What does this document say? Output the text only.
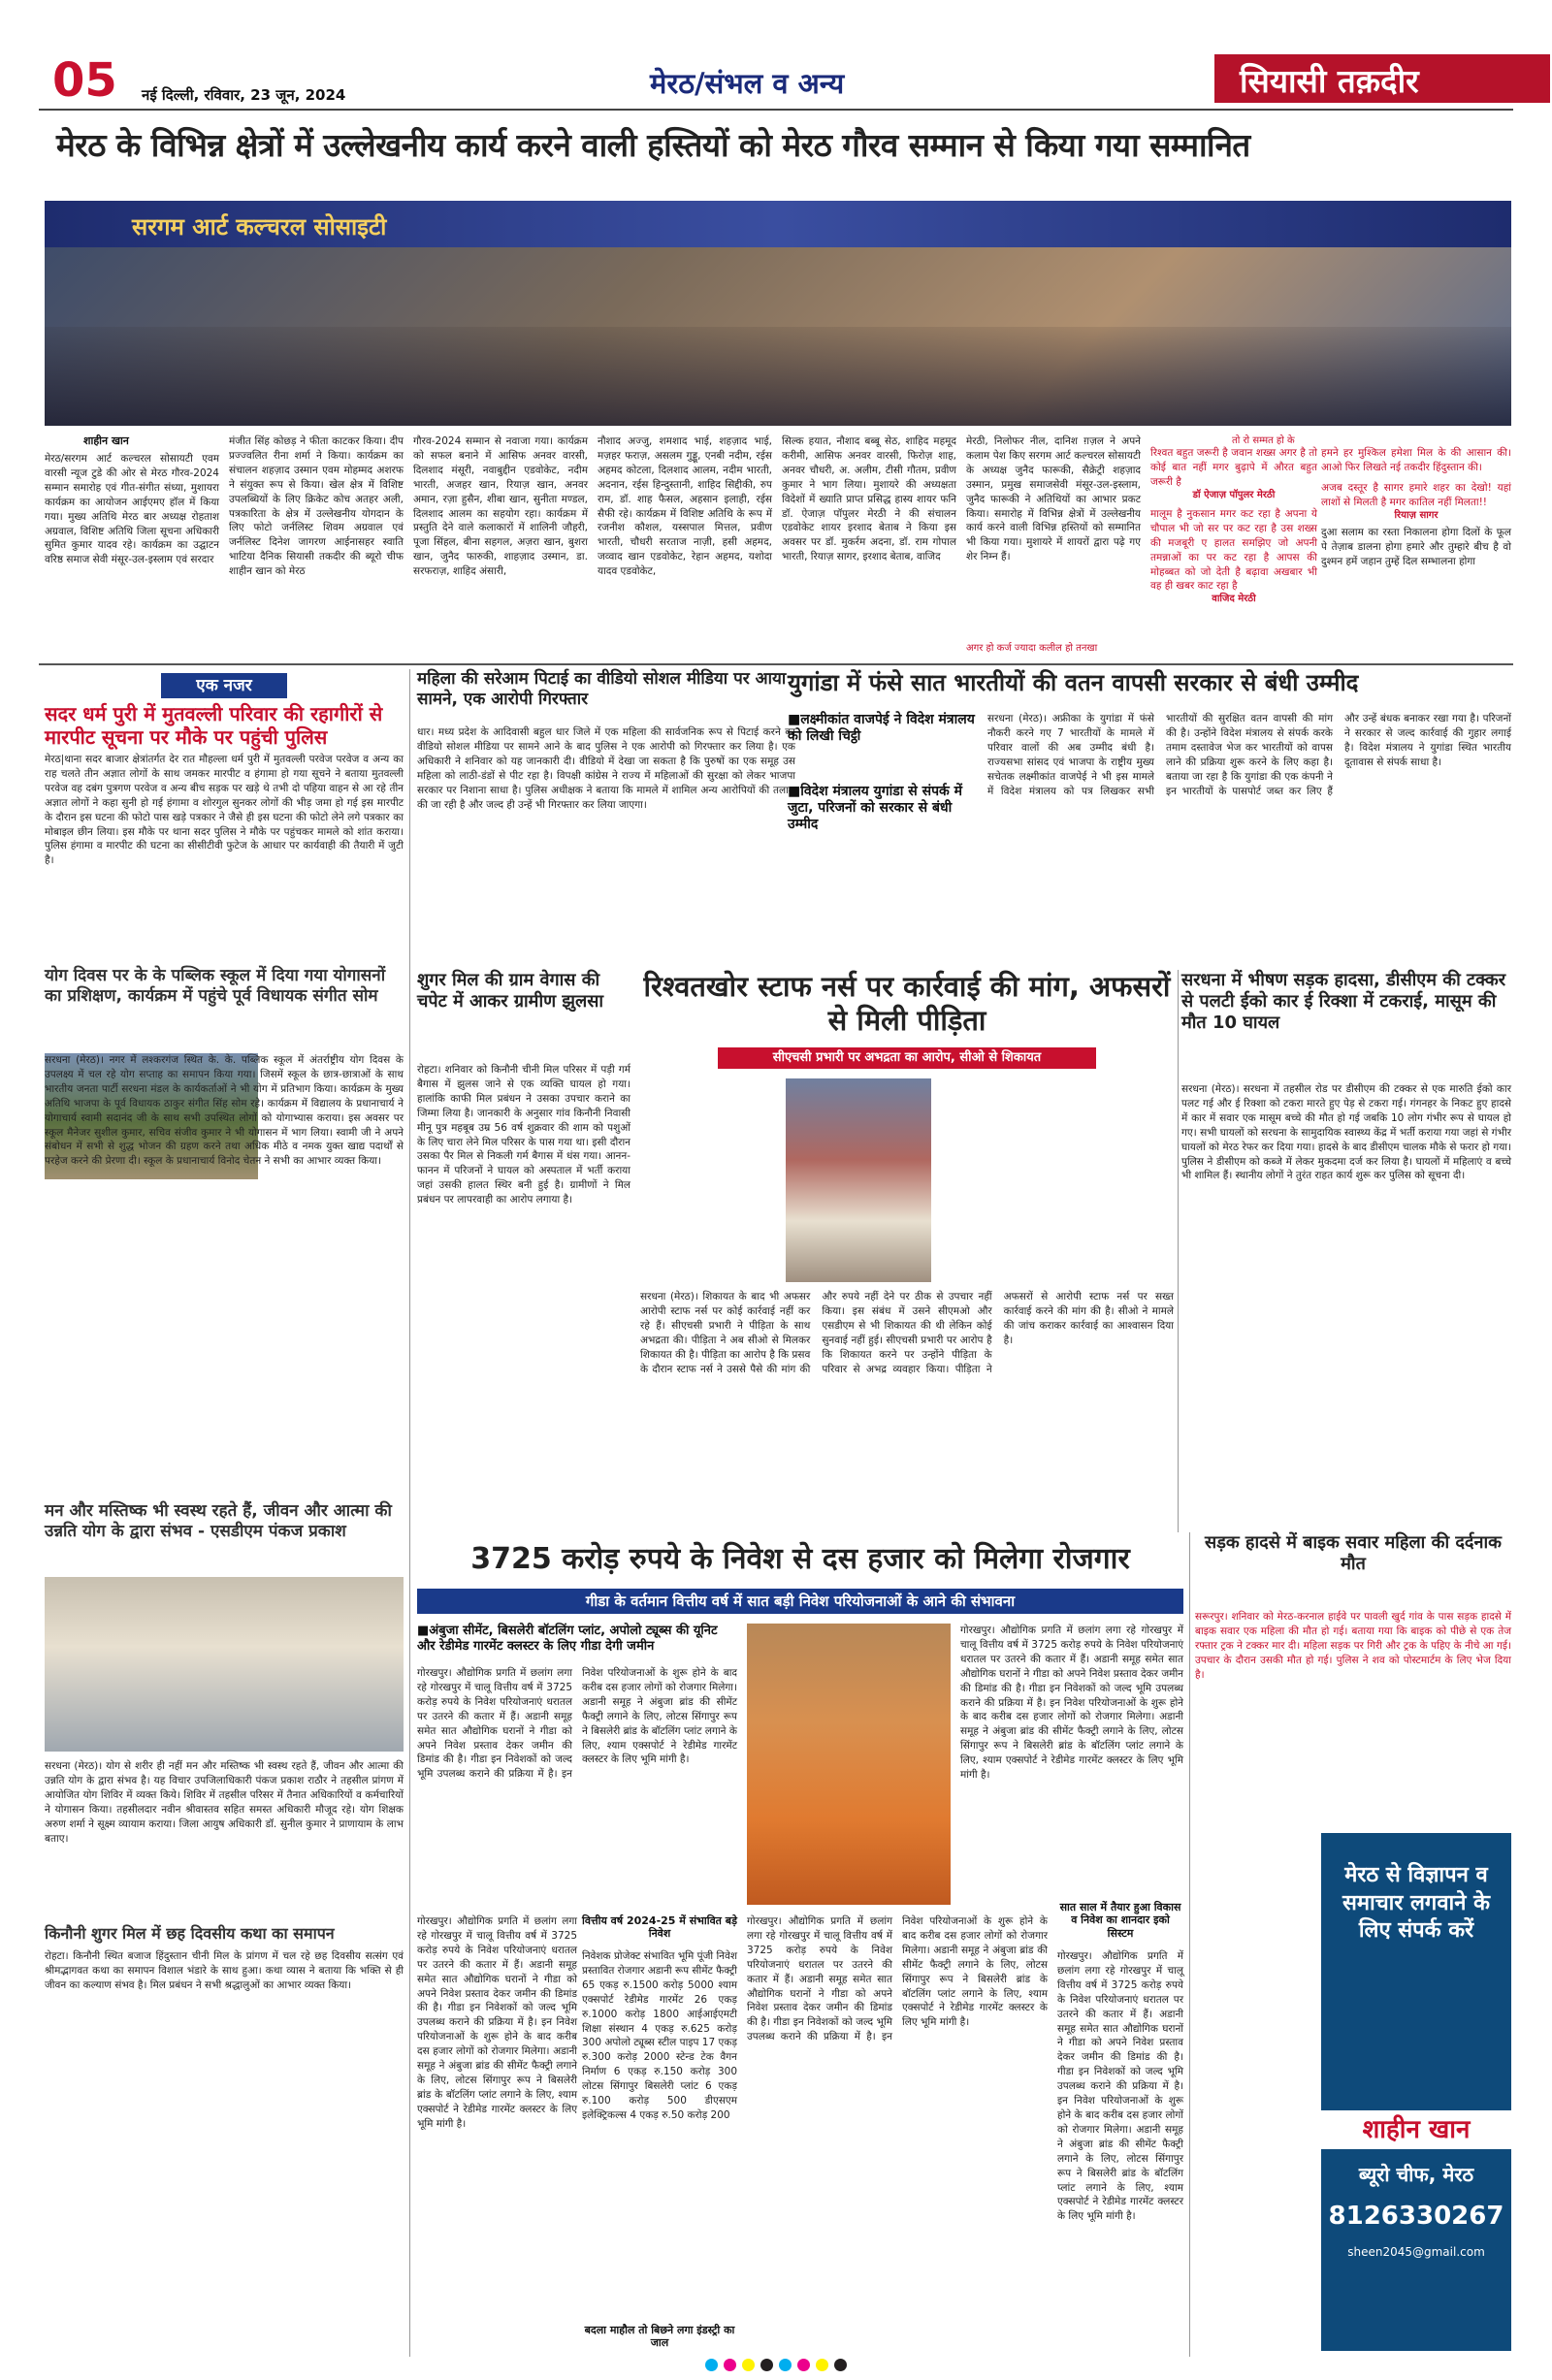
05 नई दिल्ली, रविवार, 23 जून, 2024	मेरठ/संभल व अन्य	सियासी तक़दीर
मेरठ के विभिन्न क्षेत्रों में उल्लेखनीय कार्य करने वाली हस्तियों को मेरठ गौरव सम्मान से किया गया सम्मानित
सरगम आर्ट कल्चरल सोसाइटी
शाहीन खान
मेरठ/सरगम आर्ट कल्चरल सोसायटी एवम वारसी न्यूज टुडे की ओर से मेरठ गौरव-2024 सम्मान समारोह एवं गीत-संगीत संध्या, मुशायरा कार्यक्रम का आयोजन आईएमए हॉल में किया गया। मुख्य अतिथि मेरठ बार अध्यक्ष रोहताश अग्रवाल, विशिष्ट अतिथि जिला सूचना अधिकारी सुमित कुमार यादव रहे। कार्यक्रम का उद्घाटन वरिष्ठ समाज सेवी मंसूर-उल-इस्लाम एवं सरदार
मंजीत सिंह कोछड़ ने फीता काटकर किया। दीप प्रज्ज्वलित रीना शर्मा ने किया। कार्यक्रम का संचालन शहज़ाद उस्मान एवम मोहम्मद अशरफ ने संयुक्त रूप से किया। खेल क्षेत्र में विशिष्ट उपलब्धियों के लिए क्रिकेट कोच अतहर अली, पत्रकारिता के क्षेत्र में उल्लेखनीय योगदान के लिए फोटो जर्नलिस्ट शिवम अग्रवाल एवं जर्नलिस्ट दिनेश जागरण आईनासहर स्वाति भाटिया दैनिक सियासी तकदीर की ब्यूरो चीफ शाहीन खान को मेरठ
गौरव-2024 सम्मान से नवाजा गया। कार्यक्रम को सफल बनाने में आसिफ अनवर वारसी, दिलशाद मंसूरी, नवाबुद्दीन एडवोकेट, नदीम भारती, अजहर खान, रियाज़ खान, अनवर अमान, रज़ा हुसैन, शीबा खान, सुनीता मण्डल, दिलशाद आलम का सहयोग रहा। कार्यक्रम में प्रस्तुति देने वाले कलाकारों में शालिनी जौहरी, पूजा सिंहल, बीना सहगल, अज़रा खान, बुशरा खान, जुनैद फारुकी, शाहज़ाद उस्मान, डा. सरफराज़, शाहिद अंसारी,
नौशाद अज्जु, शमशाद भाई, शहज़ाद भाई, मज़हर फराज़, असलम गुड्डू, एनबी नदीम, रईस अहमद कोटला, दिलशाद आलम, नदीम भारती, अदनान, रईस हिन्दुस्तानी, शाहिद सिद्दीकी, रुप राम, डॉ. शाह फैसल, अहसान इलाही, रईस सैफी रहे। कार्यक्रम में विशिष्ट अतिथि के रूप में रजनीश कौशल, यस्सपाल मित्तल, प्रवीण भारती, चौधरी सरताज नाज़ी, हसी अहमद, जव्वाद खान एडवोकेट, रेहान अहमद, यशोदा यादव एडवोकेट,
सिल्क हयात, नौशाद बब्बू सेठ, शाहिद महमूद करीमी, आसिफ अनवर वारसी, फिरोज़ शाह, अनवर चौधरी, अ. अलीम, टीसी गौतम, प्रवीण कुमार ने भाग लिया। मुशायरे की अध्यक्षता विदेशों में ख्याति प्राप्त प्रसिद्ध हास्य शायर फनि डॉ. ऐजाज़ पॉपुलर मेरठी ने की संचालन एडवोकेट शायर इरशाद बेताब ने किया इस अवसर पर डॉ. मुकर्रम अदना, डॉ. राम गोपाल भारती, रियाज़ सागर, इरशाद बेताब, वाजिद
मेरठी, निलोफर नील, दानिश ग़ज़ल ने अपने कलाम पेश किए सरगम आर्ट कल्चरल सोसायटी के अध्यक्ष जुनैद फारूकी, सैक्रेट्री शहज़ाद उस्मान, प्रमुख समाजसेवी मंसूर-उल-इस्लाम, जुनैद फारूकी ने अतिथियों का आभार प्रकट किया। समारोह में विभिन्न क्षेत्रों में उल्लेखनीय कार्य करने वाली विभिन्न हस्तियों को सम्मानित भी किया गया। मुशायरे में शायरों द्वारा पढ़े गए शेर निम्न हैं।
अगर हो कर्ज ज्यादा कलील हो तनखा
रिश्वत बहुत जरूरी है जवान शख्स अगर है तो कोई बात नहीं मगर बुढ़ापे में औरत बहुत जरूरी है
डॉ ऐजाज़ पॉपुलर मेरठी
मालूम है नुकसान मगर कट रहा है अपना ये चौपाल भी जो सर पर कट रहा है उस शख्स की मजबूरी ए हालत समझिए जो अपनी तमन्नाओं का पर कट रहा है आपस की मोहब्बत को जो देती है बढ़ावा अखबार भी वह ही खबर काट रहा है
वाजिद मेरठी
तो रो सम्मत हो के
हमने हर मुश्किल हमेशा मिल के की आसान की। आओ फिर लिखते नई तकदीर हिंदुस्तान की।
अजब दस्तूर है सागर हमारे शहर का देखो! यहां लाशों से मिलती है मगर कातिल नहीं मिलता!!
रियाज़ सागर
दुआ सलाम का रस्ता निकालना होगा दिलों के फूल पे तेज़ाब डालना होगा हमारे और तुम्हारे बीच है वो दुश्मन हमें जहान तुम्हें दिल सम्भालना होगा
एक नजर
सदर धर्म पुरी में मुतवल्ली परिवार की रहागीरों से मारपीट सूचना पर मौके पर पहुंची पुलिस
मेरठ|थाना सदर बाजार क्षेत्रांतर्गत देर रात मौहल्ला धर्म पुरी में मुतवल्ली परवेज परवेज व अन्य का राह चलते तीन अज्ञात लोगों के साथ जमकर मारपीट व हंगामा हो गया सूचने ने बताया मुतवल्ली परवेज वह दबंग पुत्रगण परवेज व अन्य बीच सड़क पर खड़े थे तभी दो पहिया वाहन से आ रहे तीन अज्ञात लोगों ने कहा सुनी हो गई हंगामा व शोरगुल सुनकर लोगों की भीड़ जमा हो गई इस मारपीट के दौरान इस घटना की फोटो पास खड़े पत्रकार ने जैसे ही इस घटना की फोटो लेने लगे पत्रकार का मोबाइल छीन लिया। इस मौके पर थाना सदर पुलिस ने मौके पर पहुंचकर मामले को शांत कराया। पुलिस हंगामा व मारपीट की घटना का सीसीटीवी फुटेज के आधार पर कार्यवाही की तैयारी में जुटी है।
योग दिवस पर के के पब्लिक स्कूल में दिया गया योगासनों का प्रशिक्षण, कार्यक्रम में पहुंचे पूर्व विधायक संगीत सोम
सरधना (मेरठ)। नगर में लश्करगंज स्थित के. के. पब्लिक स्कूल में अंतर्राष्ट्रीय योग दिवस के उपलक्ष्य में चल रहे योग सप्ताह का समापन किया गया। जिसमें स्कूल के छात्र-छात्राओं के साथ भारतीय जनता पार्टी सरधना मंडल के कार्यकर्ताओं ने भी योग में प्रतिभाग किया। कार्यक्रम के मुख्य अतिथि भाजपा के पूर्व विधायक ठाकुर संगीत सिंह सोम रहे। कार्यक्रम में विद्यालय के प्रधानाचार्य ने योगाचार्य स्वामी सदानंद जी के साथ सभी उपस्थित लोगों को योगाभ्यास कराया। इस अवसर पर स्कूल मैनेजर सुशील कुमार, सचिव संजीव कुमार ने भी योगासन में भाग लिया। स्वामी जी ने अपने संबोधन में सभी से शुद्ध भोजन की ग्रहण करने तथा अधिक मीठे व नमक युक्त खाद्य पदार्थों से परहेज करने की प्रेरणा दी। स्कूल के प्रधानाचार्य विनोद चेतन ने सभी का आभार व्यक्त किया।
मन और मस्तिष्क भी स्वस्थ रहते हैं, जीवन और आत्मा की उन्नति योग के द्वारा संभव - एसडीएम पंकज प्रकाश
सरधना (मेरठ)। योग से शरीर ही नहीं मन और मस्तिष्क भी स्वस्थ रहते हैं, जीवन और आत्मा की उन्नति योग के द्वारा संभव है। यह विचार उपजिलाधिकारी पंकज प्रकाश राठौर ने तहसील प्रांगण में आयोजित योग शिविर में व्यक्त किये। शिविर में तहसील परिसर में तैनात अधिकारियों व कर्मचारियों ने योगासन किया। तहसीलदार नवीन श्रीवास्तव सहित समस्त अधिकारी मौजूद रहे। योग शिक्षक अरुण शर्मा ने सूक्ष्म व्यायाम कराया। जिला आयुष अधिकारी डॉ. सुनील कुमार ने प्राणायाम के लाभ बताए।
किनौनी शुगर मिल में छह दिवसीय कथा का समापन
रोहटा। किनौनी स्थित बजाज हिंदुस्तान चीनी मिल के प्रांगण में चल रहे छह दिवसीय सत्संग एवं श्रीमद्भागवत कथा का समापन विशाल भंडारे के साथ हुआ। कथा व्यास ने बताया कि भक्ति से ही जीवन का कल्याण संभव है। मिल प्रबंधन ने सभी श्रद्धालुओं का आभार व्यक्त किया।
महिला की सरेआम पिटाई का वीडियो सोशल मीडिया पर आया सामने, एक आरोपी गिरफ्तार
धार। मध्य प्रदेश के आदिवासी बहुल धार जिले में एक महिला की सार्वजनिक रूप से पिटाई करने का वीडियो सोशल मीडिया पर सामने आने के बाद पुलिस ने एक आरोपी को गिरफ्तार कर लिया है। एक अधिकारी ने शनिवार को यह जानकारी दी। वीडियो में देखा जा सकता है कि पुरुषों का एक समूह उस महिला को लाठी-डंडों से पीट रहा है। विपक्षी कांग्रेस ने राज्य में महिलाओं की सुरक्षा को लेकर भाजपा सरकार पर निशाना साधा है। पुलिस अधीक्षक ने बताया कि मामले में शामिल अन्य आरोपियों की तलाश की जा रही है और जल्द ही उन्हें भी गिरफ्तार कर लिया जाएगा।
शुगर मिल की ग्राम वेगास की चपेट में आकर ग्रामीण झुलसा
रोहटा। शनिवार को किनौनी चीनी मिल परिसर में पड़ी गर्म बैगास में झुलस जाने से एक व्यक्ति घायल हो गया। हालांकि काफी मिल प्रबंधन ने उसका उपचार कराने का जिम्मा लिया है। जानकारी के अनुसार गांव किनौनी निवासी मीनू पुत्र महबूब उम्र 56 वर्ष शुक्रवार की शाम को पशुओं के लिए चारा लेने मिल परिसर के पास गया था। इसी दौरान उसका पैर मिल से निकली गर्म बैगास में धंस गया। आनन-फानन में परिजनों ने घायल को अस्पताल में भर्ती कराया जहां उसकी हालत स्थिर बनी हुई है। ग्रामीणों ने मिल प्रबंधन पर लापरवाही का आरोप लगाया है।
युगांडा में फंसे सात भारतीयों की वतन वापसी सरकार से बंधी उम्मीद
■लक्ष्मीकांत वाजपेई ने विदेश मंत्रालय को लिखी चिट्ठी
■विदेश मंत्रालय युगांडा से संपर्क में जुटा, परिजनों को सरकार से बंधी उम्मीद
सरधना (मेरठ)। अफ्रीका के युगांडा में फंसे नौकरी करने गए 7 भारतीयों के मामले में परिवार वालों की अब उम्मीद बंधी है। राज्यसभा सांसद एवं भाजपा के राष्ट्रीय मुख्य सचेतक लक्ष्मीकांत वाजपेई ने भी इस मामले में विदेश मंत्रालय को पत्र लिखकर सभी भारतीयों की सुरक्षित वतन वापसी की मांग की है। उन्होंने विदेश मंत्रालय से संपर्क करके तमाम दस्तावेज भेज कर भारतीयों को वापस लाने की प्रक्रिया शुरू करने के लिए कहा है। बताया जा रहा है कि युगांडा की एक कंपनी ने इन भारतीयों के पासपोर्ट जब्त कर लिए हैं और उन्हें बंधक बनाकर रखा गया है। परिजनों ने सरकार से जल्द कार्रवाई की गुहार लगाई है। विदेश मंत्रालय ने युगांडा स्थित भारतीय दूतावास से संपर्क साधा है।
रिश्वतखोर स्टाफ नर्स पर कार्रवाई की मांग, अफसरों से मिली पीड़िता
सीएचसी प्रभारी पर अभद्रता का आरोप, सीओ से शिकायत
सरधना (मेरठ)। शिकायत के बाद भी अफसर आरोपी स्टाफ नर्स पर कोई कार्रवाई नहीं कर रहे हैं। सीएचसी प्रभारी ने पीड़िता के साथ अभद्रता की। पीड़िता ने अब सीओ से मिलकर शिकायत की है। पीड़िता का आरोप है कि प्रसव के दौरान स्टाफ नर्स ने उससे पैसे की मांग की और रुपये नहीं देने पर ठीक से उपचार नहीं किया। इस संबंध में उसने सीएमओ और एसडीएम से भी शिकायत की थी लेकिन कोई सुनवाई नहीं हुई। सीएचसी प्रभारी पर आरोप है कि शिकायत करने पर उन्होंने पीड़िता के परिवार से अभद्र व्यवहार किया। पीड़िता ने अफसरों से आरोपी स्टाफ नर्स पर सख्त कार्रवाई करने की मांग की है। सीओ ने मामले की जांच कराकर कार्रवाई का आश्वासन दिया है।
सरधना में भीषण सड़क हादसा, डीसीएम की टक्कर से पलटी ईको कार ई रिक्शा में टकराई, मासूम की मौत 10 घायल
सरधना (मेरठ)। सरधना में तहसील रोड पर डीसीएम की टक्कर से एक मारुति ईको कार पलट गई और ई रिक्शा को टकरा मारते हुए पेड़ से टकरा गई। गंगनहर के निकट हुए हादसे में कार में सवार एक मासूम बच्चे की मौत हो गई जबकि 10 लोग गंभीर रूप से घायल हो गए। सभी घायलों को सरधना के सामुदायिक स्वास्थ्य केंद्र में भर्ती कराया गया जहां से गंभीर घायलों को मेरठ रेफर कर दिया गया। हादसे के बाद डीसीएम चालक मौके से फरार हो गया। पुलिस ने डीसीएम को कब्जे में लेकर मुकदमा दर्ज कर लिया है। घायलों में महिलाएं व बच्चे भी शामिल हैं। स्थानीय लोगों ने तुरंत राहत कार्य शुरू कर पुलिस को सूचना दी।
3725 करोड़ रुपये के निवेश से दस हजार को मिलेगा रोजगार
गीडा के वर्तमान वित्तीय वर्ष में सात बड़ी निवेश परियोजनाओं के आने की संभावना
■अंबुजा सीमेंट, बिसलेरी बॉटलिंग प्लांट, अपोलो ट्यूब्स की यूनिट और रेडीमेड गारमेंट क्लस्टर के लिए गीडा देगी जमीन
गोरखपुर। औद्योगिक प्रगति में छलांग लगा रहे गोरखपुर में चालू वित्तीय वर्ष में 3725 करोड़ रुपये के निवेश परियोजनाएं धरातल पर उतरने की कतार में हैं। अडानी समूह समेत सात औद्योगिक घरानों ने गीडा को अपने निवेश प्रस्ताव देकर जमीन की डिमांड की है। गीडा इन निवेशकों को जल्द भूमि उपलब्ध कराने की प्रक्रिया में है। इन निवेश परियोजनाओं के शुरू होने के बाद करीब दस हजार लोगों को रोजगार मिलेगा। अडानी समूह ने अंबुजा ब्रांड की सीमेंट फैक्ट्री लगाने के लिए, लोटस सिंगापुर रूप ने बिसलेरी ब्रांड के बॉटलिंग प्लांट लगाने के लिए, श्याम एक्सपोर्ट ने रेडीमेड गारमेंट क्लस्टर के लिए भूमि मांगी है।
गोरखपुर। औद्योगिक प्रगति में छलांग लगा रहे गोरखपुर में चालू वित्तीय वर्ष में 3725 करोड़ रुपये के निवेश परियोजनाएं धरातल पर उतरने की कतार में हैं। अडानी समूह समेत सात औद्योगिक घरानों ने गीडा को अपने निवेश प्रस्ताव देकर जमीन की डिमांड की है। गीडा इन निवेशकों को जल्द भूमि उपलब्ध कराने की प्रक्रिया में है। इन निवेश परियोजनाओं के शुरू होने के बाद करीब दस हजार लोगों को रोजगार मिलेगा। अडानी समूह ने अंबुजा ब्रांड की सीमेंट फैक्ट्री लगाने के लिए, लोटस सिंगापुर रूप ने बिसलेरी ब्रांड के बॉटलिंग प्लांट लगाने के लिए, श्याम एक्सपोर्ट ने रेडीमेड गारमेंट क्लस्टर के लिए भूमि मांगी है।
वित्तीय वर्ष 2024-25 में संभावित बड़े निवेश
निवेशक प्रोजेक्ट संभावित भूमि पूंजी निवेश प्रस्तावित रोजगार अडानी रूप सीमेंट फैक्ट्री 65 एकड़ रु.1500 करोड़ 5000 श्याम एक्सपोर्ट रेडीमेड गारमेंट 26 एकड़ रु.1000 करोड़ 1800 आईआईएमटी शिक्षा संस्थान 4 एकड़ रु.625 करोड़ 300 अपोलो ट्यूब्स स्टील पाइप 17 एकड़ रु.300 करोड़ 2000 स्टेन्ड टेक वैगन निर्माण 6 एकड़ रु.150 करोड़ 300 लोटस सिंगापुर बिसलेरी प्लांट 6 एकड़ रु.100 करोड़ 500 डीएसएम इलेक्ट्रिकल्स 4 एकड़ रु.50 करोड़ 200
सात साल में तैयार हुआ विकास व निवेश का शानदार इको सिस्टम
गोरखपुर। औद्योगिक प्रगति में छलांग लगा रहे गोरखपुर में चालू वित्तीय वर्ष में 3725 करोड़ रुपये के निवेश परियोजनाएं धरातल पर उतरने की कतार में हैं। अडानी समूह समेत सात औद्योगिक घरानों ने गीडा को अपने निवेश प्रस्ताव देकर जमीन की डिमांड की है। गीडा इन निवेशकों को जल्द भूमि उपलब्ध कराने की प्रक्रिया में है। इन निवेश परियोजनाओं के शुरू होने के बाद करीब दस हजार लोगों को रोजगार मिलेगा। अडानी समूह ने अंबुजा ब्रांड की सीमेंट फैक्ट्री लगाने के लिए, लोटस सिंगापुर रूप ने बिसलेरी ब्रांड के बॉटलिंग प्लांट लगाने के लिए, श्याम एक्सपोर्ट ने रेडीमेड गारमेंट क्लस्टर के लिए भूमि मांगी है।
गोरखपुर। औद्योगिक प्रगति में छलांग लगा रहे गोरखपुर में चालू वित्तीय वर्ष में 3725 करोड़ रुपये के निवेश परियोजनाएं धरातल पर उतरने की कतार में हैं। अडानी समूह समेत सात औद्योगिक घरानों ने गीडा को अपने निवेश प्रस्ताव देकर जमीन की डिमांड की है। गीडा इन निवेशकों को जल्द भूमि उपलब्ध कराने की प्रक्रिया में है। इन निवेश परियोजनाओं के शुरू होने के बाद करीब दस हजार लोगों को रोजगार मिलेगा। अडानी समूह ने अंबुजा ब्रांड की सीमेंट फैक्ट्री लगाने के लिए, लोटस सिंगापुर रूप ने बिसलेरी ब्रांड के बॉटलिंग प्लांट लगाने के लिए, श्याम एक्सपोर्ट ने रेडीमेड गारमेंट क्लस्टर के लिए भूमि मांगी है।
गोरखपुर। औद्योगिक प्रगति में छलांग लगा रहे गोरखपुर में चालू वित्तीय वर्ष में 3725 करोड़ रुपये के निवेश परियोजनाएं धरातल पर उतरने की कतार में हैं। अडानी समूह समेत सात औद्योगिक घरानों ने गीडा को अपने निवेश प्रस्ताव देकर जमीन की डिमांड की है। गीडा इन निवेशकों को जल्द भूमि उपलब्ध कराने की प्रक्रिया में है। इन निवेश परियोजनाओं के शुरू होने के बाद करीब दस हजार लोगों को रोजगार मिलेगा। अडानी समूह ने अंबुजा ब्रांड की सीमेंट फैक्ट्री लगाने के लिए, लोटस सिंगापुर रूप ने बिसलेरी ब्रांड के बॉटलिंग प्लांट लगाने के लिए, श्याम एक्सपोर्ट ने रेडीमेड गारमेंट क्लस्टर के लिए भूमि मांगी है।
बदला माहौल तो बिछने लगा इंडस्ट्री का जाल
सड़क हादसे में बाइक सवार महिला की दर्दनाक मौत
सरूरपुर। शनिवार को मेरठ-करनाल हाईवे पर पावली खुर्द गांव के पास सड़क हादसे में बाइक सवार एक महिला की मौत हो गई। बताया गया कि बाइक को पीछे से एक तेज रफ्तार ट्रक ने टक्कर मार दी। महिला सड़क पर गिरी और ट्रक के पहिए के नीचे आ गई। उपचार के दौरान उसकी मौत हो गई। पुलिस ने शव को पोस्टमार्टम के लिए भेज दिया है।
मेरठ से विज्ञापन व समाचार लगवाने के लिए संपर्क करें
शाहीन खान
ब्यूरो चीफ, मेरठ
8126330267
sheen2045@gmail.com
